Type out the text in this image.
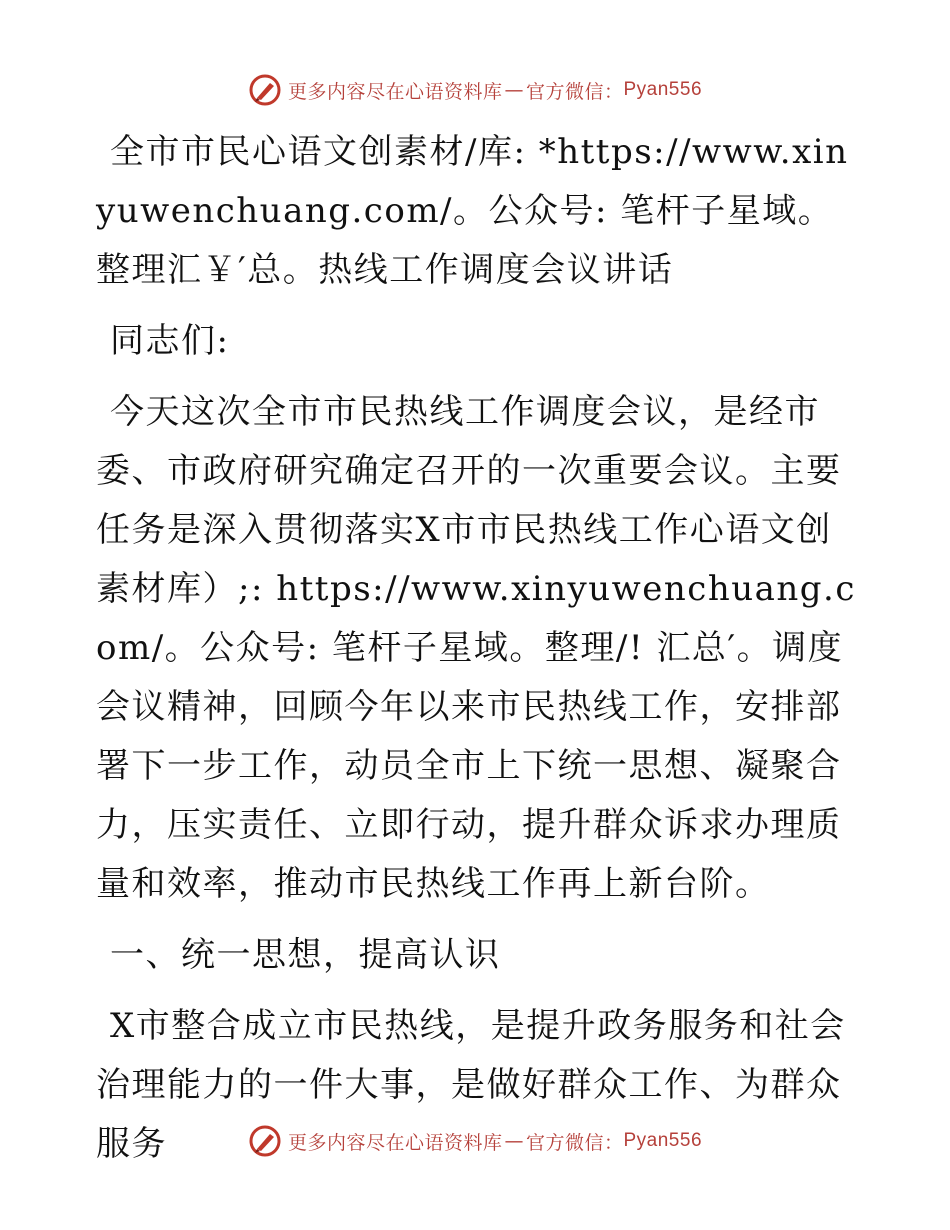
更多内容尽在心语资料库 — 官方微信： Pyan556

全市市民心语文创素材/库: *https://www.xinyuwenchuang.com/。公众号: 笔杆子星域。整理汇￥′总。热线工作调度会议讲话

同志们:

今天这次全市市民热线工作调度会议，是经市委、市政府研究确定召开的一次重要会议。主要任务是深入贯彻落实X市市民热线工作心语文创素材库）;: https://www.xinyuwenchuang.com/。公众号: 笔杆子星域。整理/! 汇总′。调度会议精神，回顾今年以来市民热线工作，安排部署下一步工作，动员全市上下统一思想、凝聚合力，压实责任、立即行动，提升群众诉求办理质量和效率，推动市民热线工作再上新台阶。

一、统一思想，提高认识

X市整合成立市民热线，是提升政务服务和社会治理能力的一件大事，是做好群众工作、为群众服务	更多内容尽在心语资料库 — 官方微信： Pyan556
